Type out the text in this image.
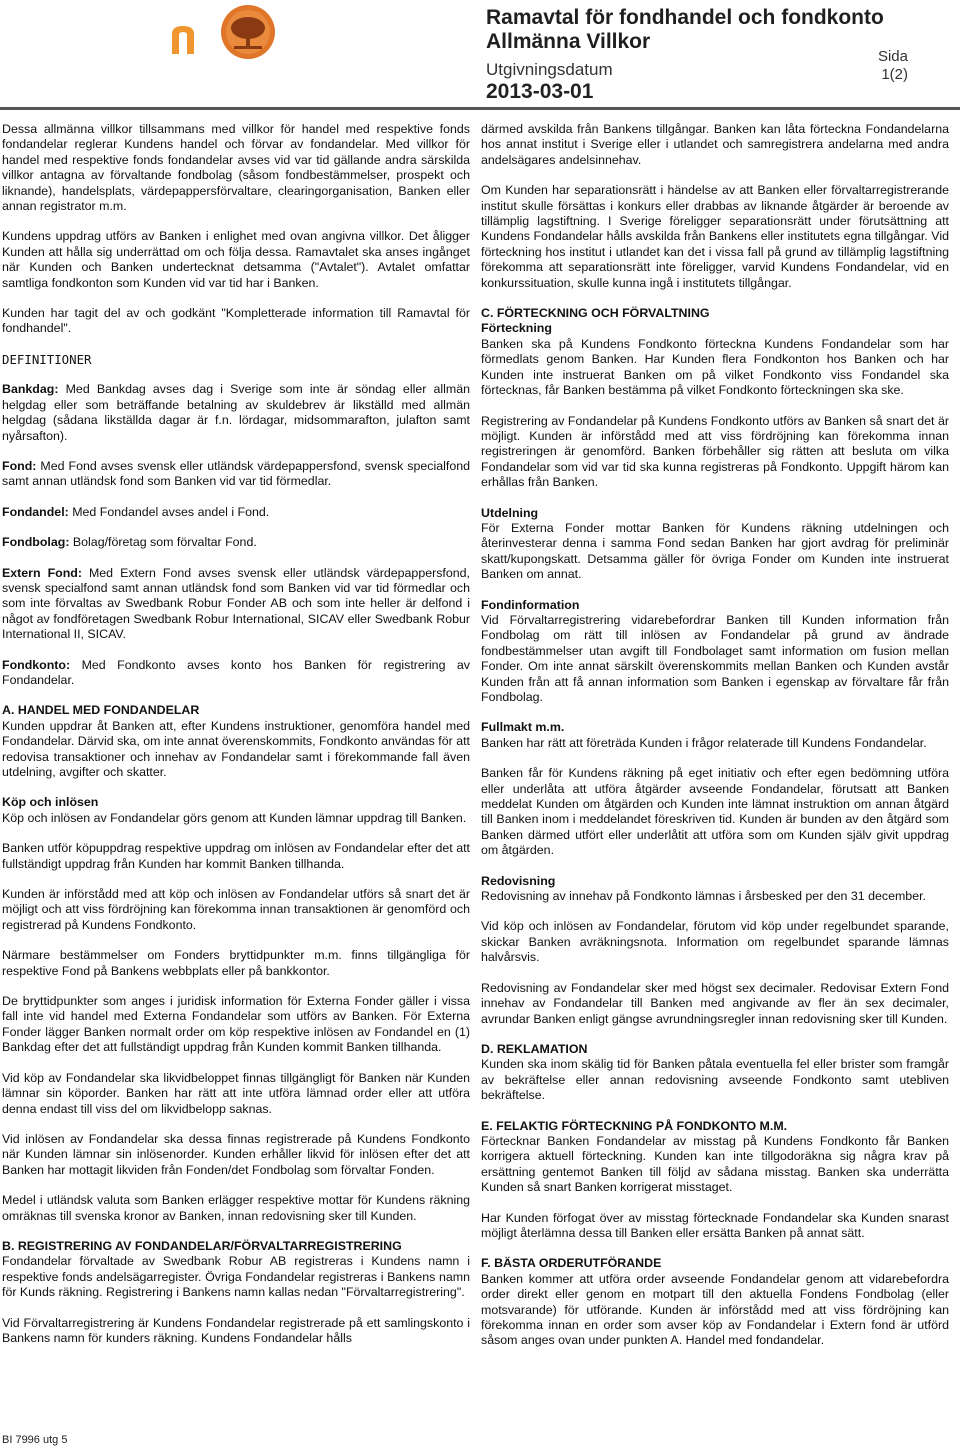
Ramavtal för fondhandel och fondkonto
Allmänna Villkor
Utgivningsdatum
2013-03-01
Sida
1(2)

Dessa allmänna villkor tillsammans med villkor för handel med respektive fonds fondandelar reglerar Kundens handel och förvar av fondandelar. Med villkor för handel med respektive fonds fondandelar avses vid var tid gällande andra särskilda villkor antagna av förvaltande fondbolag (såsom fondbestämmelser, prospekt och liknande), handelsplats, värdepappersförvaltare, clearingorganisation, Banken eller annan registrator m.m.

Kundens uppdrag utförs av Banken i enlighet med ovan angivna villkor. Det åligger Kunden att hålla sig underrättad om och följa dessa. Ramavtalet ska anses ingånget när Kunden och Banken undertecknat detsamma ("Avtalet"). Avtalet omfattar samtliga fondkonton som Kunden vid var tid har i Banken.

Kunden har tagit del av och godkänt "Kompletterade information till Ramavtal för fondhandel".

DEFINITIONER

Bankdag: Med Bankdag avses dag i Sverige som inte är söndag eller allmän helgdag eller som beträffande betalning av skuldebrev är likställd med allmän helgdag (sådana likställda dagar är f.n. lördagar, midsommarafton, julafton samt nyårsafton).

Fond: Med Fond avses svensk eller utländsk värdepappersfond, svensk specialfond samt annan utländsk fond som Banken vid var tid förmedlar.

Fondandel: Med Fondandel avses andel i Fond.

Fondbolag: Bolag/företag som förvaltar Fond.

Extern Fond: Med Extern Fond avses svensk eller utländsk värdepappersfond, svensk specialfond samt annan utländsk fond som Banken vid var tid förmedlar och som inte förvaltas av Swedbank Robur Fonder AB och som inte heller är delfond i något av fondföretagen Swedbank Robur International, SICAV eller Swedbank Robur International II, SICAV.

Fondkonto: Med Fondkonto avses konto hos Banken för registrering av Fondandelar.

A. HANDEL MED FONDANDELAR

Kunden uppdrar åt Banken att, efter Kundens instruktioner, genomföra handel med Fondandelar. Därvid ska, om inte annat överenskommits, Fondkonto användas för att redovisa transaktioner och innehav av Fondandelar samt i förekommande fall även utdelning, avgifter och skatter.

Köp och inlösen

Köp och inlösen av Fondandelar görs genom att Kunden lämnar uppdrag till Banken.

Banken utför köpuppdrag respektive uppdrag om inlösen av Fondandelar efter det att fullständigt uppdrag från Kunden har kommit Banken tillhanda.

Kunden är införstådd med att köp och inlösen av Fondandelar utförs så snart det är möjligt och att viss fördröjning kan förekomma innan transaktionen är genomförd och registrerad på Kundens Fondkonto.

Närmare bestämmelser om Fonders bryttidpunkter m.m. finns tillgängliga för respektive Fond på Bankens webbplats eller på bankkontor.

De bryttidpunkter som anges i juridisk information för Externa Fonder gäller i vissa fall inte vid handel med Externa Fondandelar som utförs av Banken. För Externa Fonder lägger Banken normalt order om köp respektive inlösen av Fondandel en (1) Bankdag efter det att fullständigt uppdrag från Kunden kommit Banken tillhanda.

Vid köp av Fondandelar ska likvidbeloppet finnas tillgängligt för Banken när Kunden lämnar sin köporder. Banken har rätt att inte utföra lämnad order eller att utföra denna endast till viss del om likvidbelopp saknas.

Vid inlösen av Fondandelar ska dessa finnas registrerade på Kundens Fondkonto när Kunden lämnar sin inlösenorder. Kunden erhåller likvid för inlösen efter det att Banken har mottagit likviden från Fonden/det Fondbolag som förvaltar Fonden.

Medel i utländsk valuta som Banken erlägger respektive mottar för Kundens räkning omräknas till svenska kronor av Banken, innan redovisning sker till Kunden.

B. REGISTRERING AV FONDANDELAR/FÖRVALTARREGISTRERING

Fondandelar förvaltade av Swedbank Robur AB registreras i Kundens namn i respektive fonds andelsägarregister. Övriga Fondandelar registreras i Bankens namn för Kunds räkning. Registrering i Bankens namn kallas nedan "Förvaltarregistrering".

Vid Förvaltarregistrering är Kundens Fondandelar registrerade på ett samlingskonto i Bankens namn för kunders räkning. Kundens Fondandelar hålls

därmed avskilda från Bankens tillgångar. Banken kan låta förteckna Fondandelarna hos annat institut i Sverige eller i utlandet och samregistrera andelarna med andra andelsägares andelsinnehav.

Om Kunden har separationsrätt i händelse av att Banken eller förvaltarregistrerande institut skulle försättas i konkurs eller drabbas av liknande åtgärder är beroende av tillämplig lagstiftning. I Sverige föreligger separationsrätt under förutsättning att Kundens Fondandelar hålls avskilda från Bankens eller institutets egna tillgångar. Vid förteckning hos institut i utlandet kan det i vissa fall på grund av tillämplig lagstiftning förekomma att separationsrätt inte föreligger, varvid Kundens Fondandelar, vid en konkurssituation, skulle kunna ingå i institutets tillgångar.

C. FÖRTECKNING OCH FÖRVALTNING

Förteckning

Banken ska på Kundens Fondkonto förteckna Kundens Fondandelar som har förmedlats genom Banken. Har Kunden flera Fondkonton hos Banken och har Kunden inte instruerat Banken om på vilket Fondkonto viss Fondandel ska förtecknas, får Banken bestämma på vilket Fondkonto förteckningen ska ske.

Registrering av Fondandelar på Kundens Fondkonto utförs av Banken så snart det är möjligt. Kunden är införstådd med att viss fördröjning kan förekomma innan registreringen är genomförd. Banken förbehåller sig rätten att besluta om vilka Fondandelar som vid var tid ska kunna registreras på Fondkonto. Uppgift härom kan erhållas från Banken.

Utdelning

För Externa Fonder mottar Banken för Kundens räkning utdelningen och återinvesterar denna i samma Fond sedan Banken har gjort avdrag för preliminär skatt/kupongskatt. Detsamma gäller för övriga Fonder om Kunden inte instruerat Banken om annat.

Fondinformation

Vid Förvaltarregistrering vidarebefordrar Banken till Kunden information från Fondbolag om rätt till inlösen av Fondandelar på grund av ändrade fondbestämmelser utan avgift till Fondbolaget samt information om fusion mellan Fonder. Om inte annat särskilt överenskommits mellan Banken och Kunden avstår Kunden från att få annan information som Banken i egenskap av förvaltare får från Fondbolag.

Fullmakt m.m.

Banken har rätt att företräda Kunden i frågor relaterade till Kundens Fondandelar.

Banken får för Kundens räkning på eget initiativ och efter egen bedömning utföra eller underlåta att utföra åtgärder avseende Fondandelar, förutsatt att Banken meddelat Kunden om åtgärden och Kunden inte lämnat instruktion om annan åtgärd till Banken inom i meddelandet föreskriven tid. Kunden är bunden av den åtgärd som Banken därmed utfört eller underlåtit att utföra som om Kunden själv givit uppdrag om åtgärden.

Redovisning

Redovisning av innehav på Fondkonto lämnas i årsbesked per den 31 december.

Vid köp och inlösen av Fondandelar, förutom vid köp under regelbundet sparande, skickar Banken avräkningsnota. Information om regelbundet sparande lämnas halvårsvis.

Redovisning av Fondandelar sker med högst sex decimaler. Redovisar Extern Fond innehav av Fondandelar till Banken med angivande av fler än sex decimaler, avrundar Banken enligt gängse avrundningsregler innan redovisning sker till Kunden.

D. REKLAMATION

Kunden ska inom skälig tid för Banken påtala eventuella fel eller brister som framgår av bekräftelse eller annan redovisning avseende Fondkonto samt utebliven bekräftelse.

E. FELAKTIG FÖRTECKNING PÅ FONDKONTO M.M.

Förtecknar Banken Fondandelar av misstag på Kundens Fondkonto får Banken korrigera aktuell förteckning. Kunden kan inte tillgodoräkna sig några krav på ersättning gentemot Banken till följd av sådana misstag. Banken ska underrätta Kunden så snart Banken korrigerat misstaget.

Har Kunden förfogat över av misstag förtecknade Fondandelar ska Kunden snarast möjligt återlämna dessa till Banken eller ersätta Banken på annat sätt.

F. BÄSTA ORDERUTFÖRANDE

Banken kommer att utföra order avseende Fondandelar genom att vidarebefordra order direkt eller genom en motpart till den aktuella Fondens Fondbolag (eller motsvarande) för utförande. Kunden är införstådd med att viss fördröjning kan förekomma innan en order som avser köp av Fondandelar i Extern fond är utförd såsom anges ovan under punkten A. Handel med fondandelar.

BI 7996 utg 5
